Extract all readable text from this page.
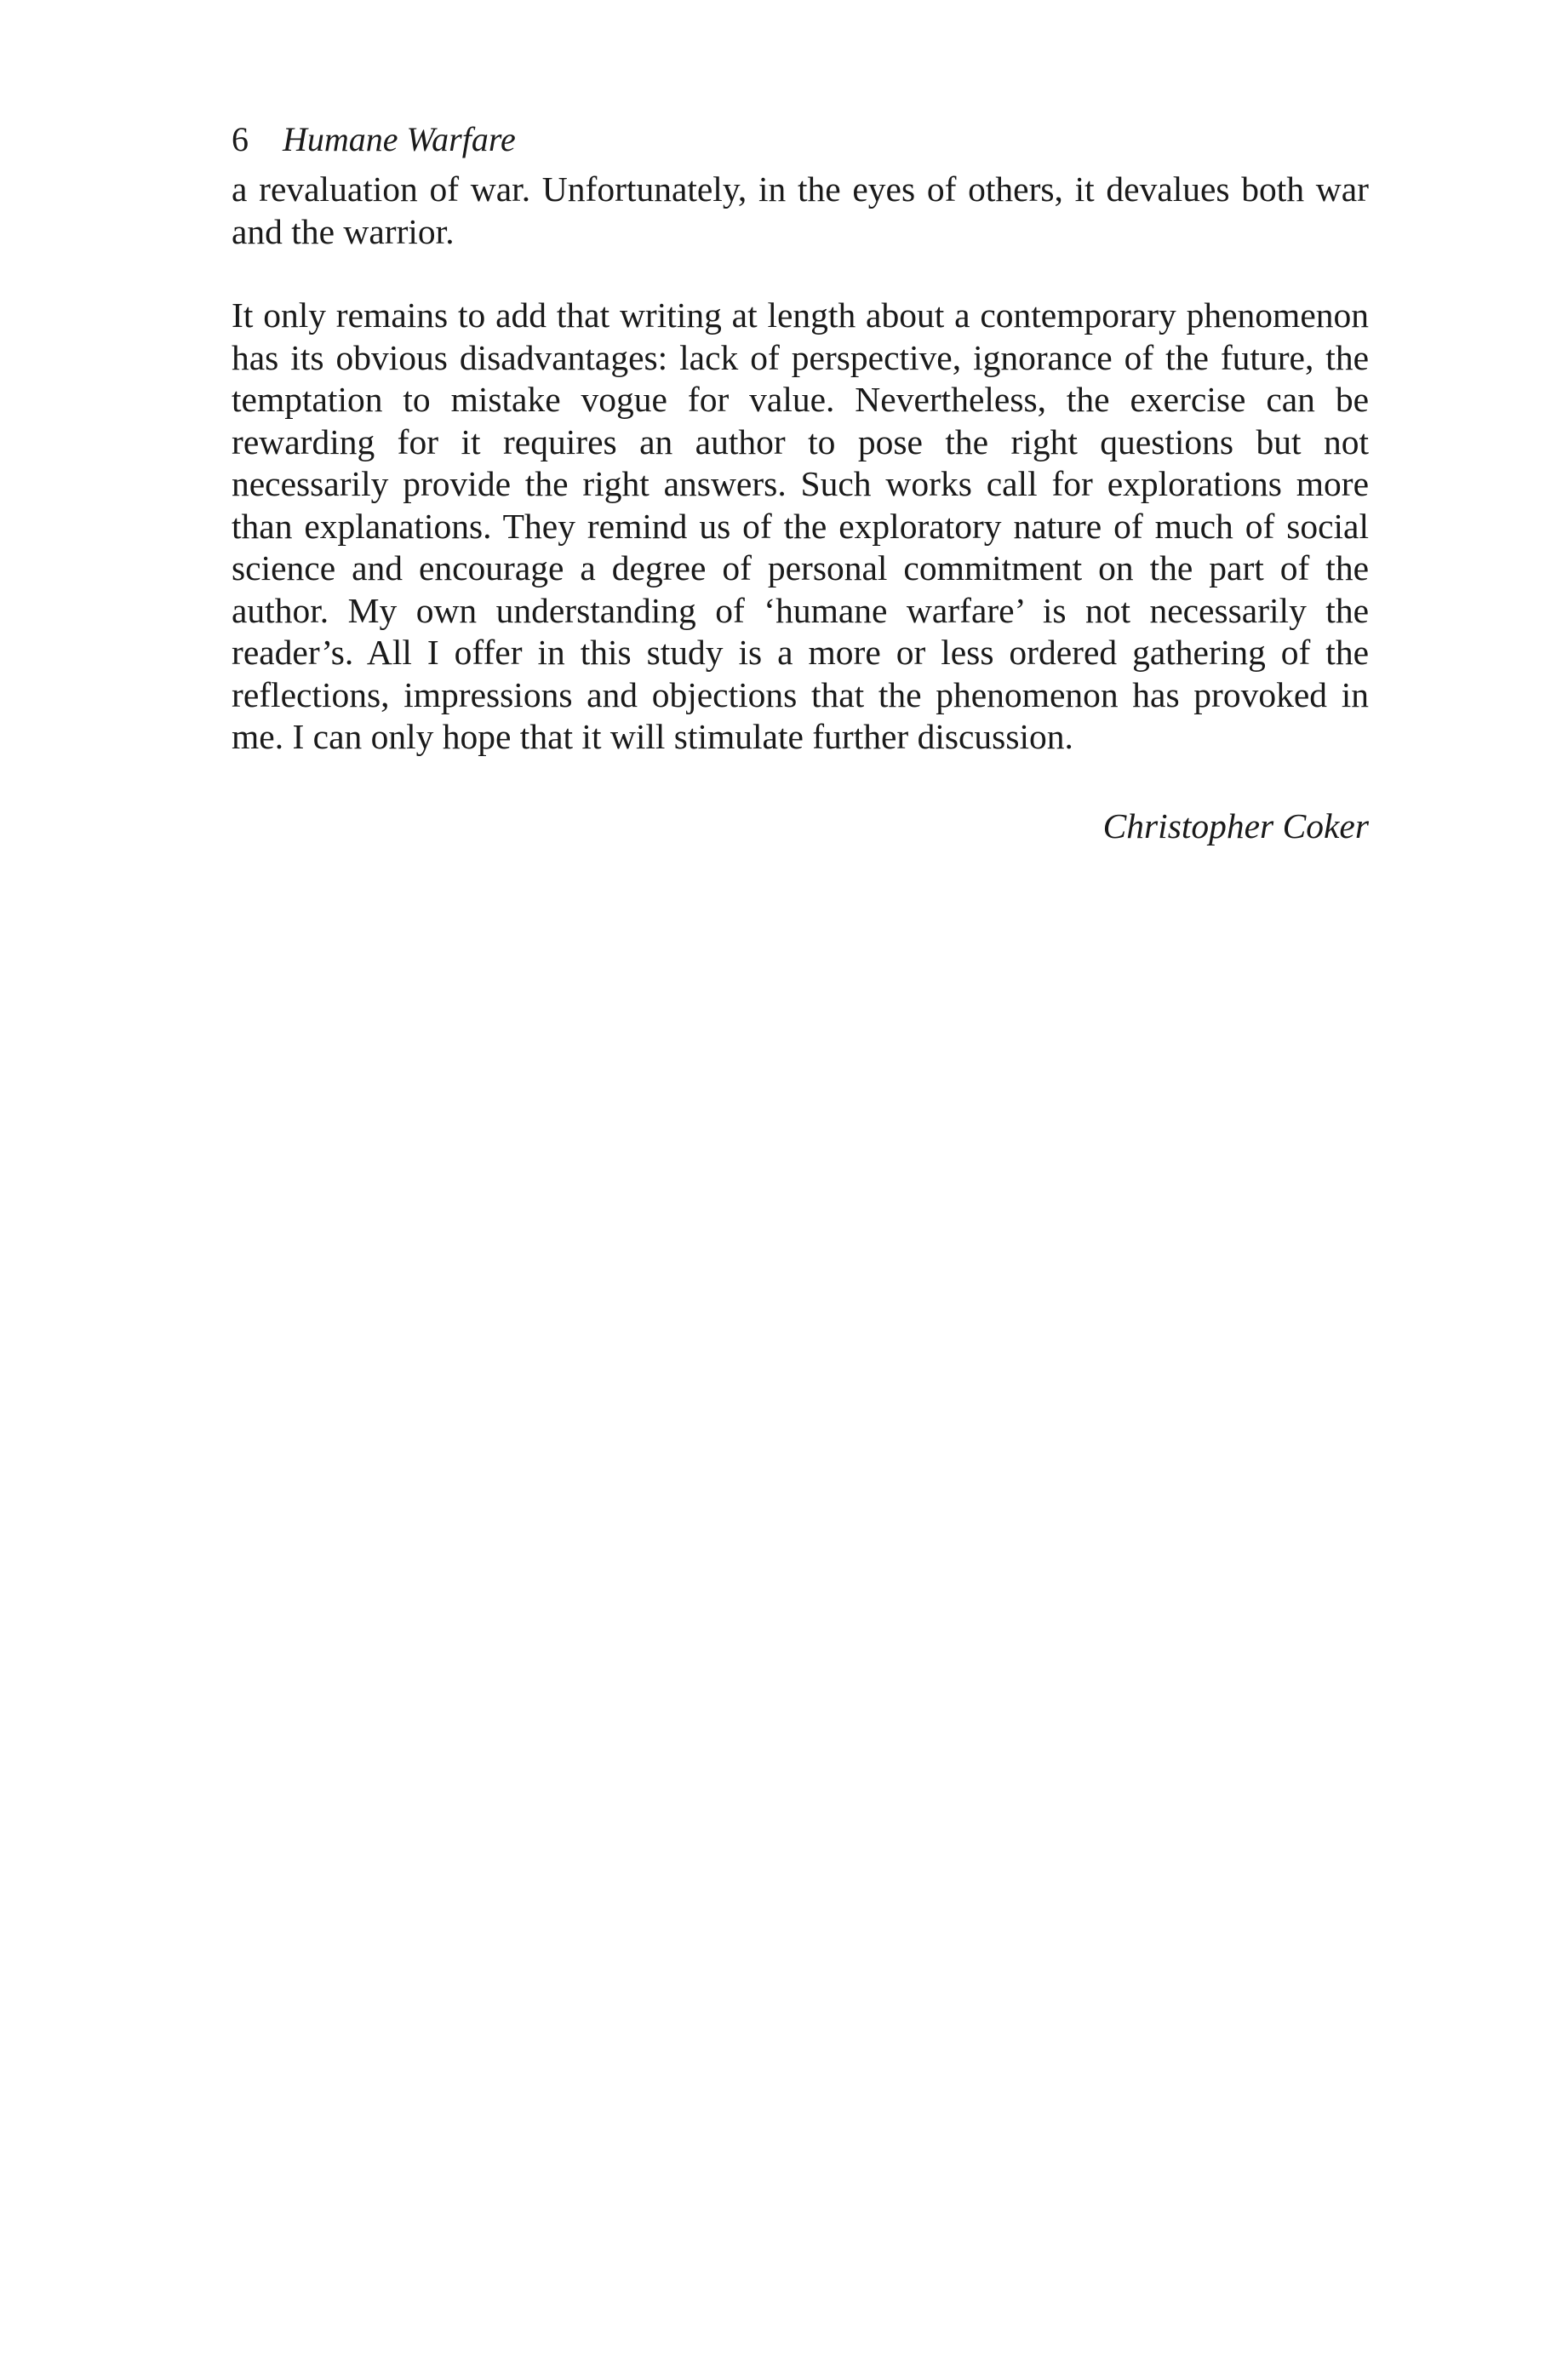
6 Humane Warfare

a revaluation of war. Unfortunately, in the eyes of others, it devalues both war and the warrior.

It only remains to add that writing at length about a contemporary phenomenon has its obvious disadvantages: lack of perspective, ignorance of the future, the temptation to mistake vogue for value. Nevertheless, the exercise can be rewarding for it requires an author to pose the right questions but not necessarily provide the right answers. Such works call for explorations more than explanations. They remind us of the exploratory nature of much of social science and encourage a degree of personal commitment on the part of the author. My own understanding of ‘humane warfare’ is not necessarily the reader’s. All I offer in this study is a more or less ordered gathering of the reflections, impressions and objections that the phenomenon has provoked in me. I can only hope that it will stimulate further discussion.

Christopher Coker
